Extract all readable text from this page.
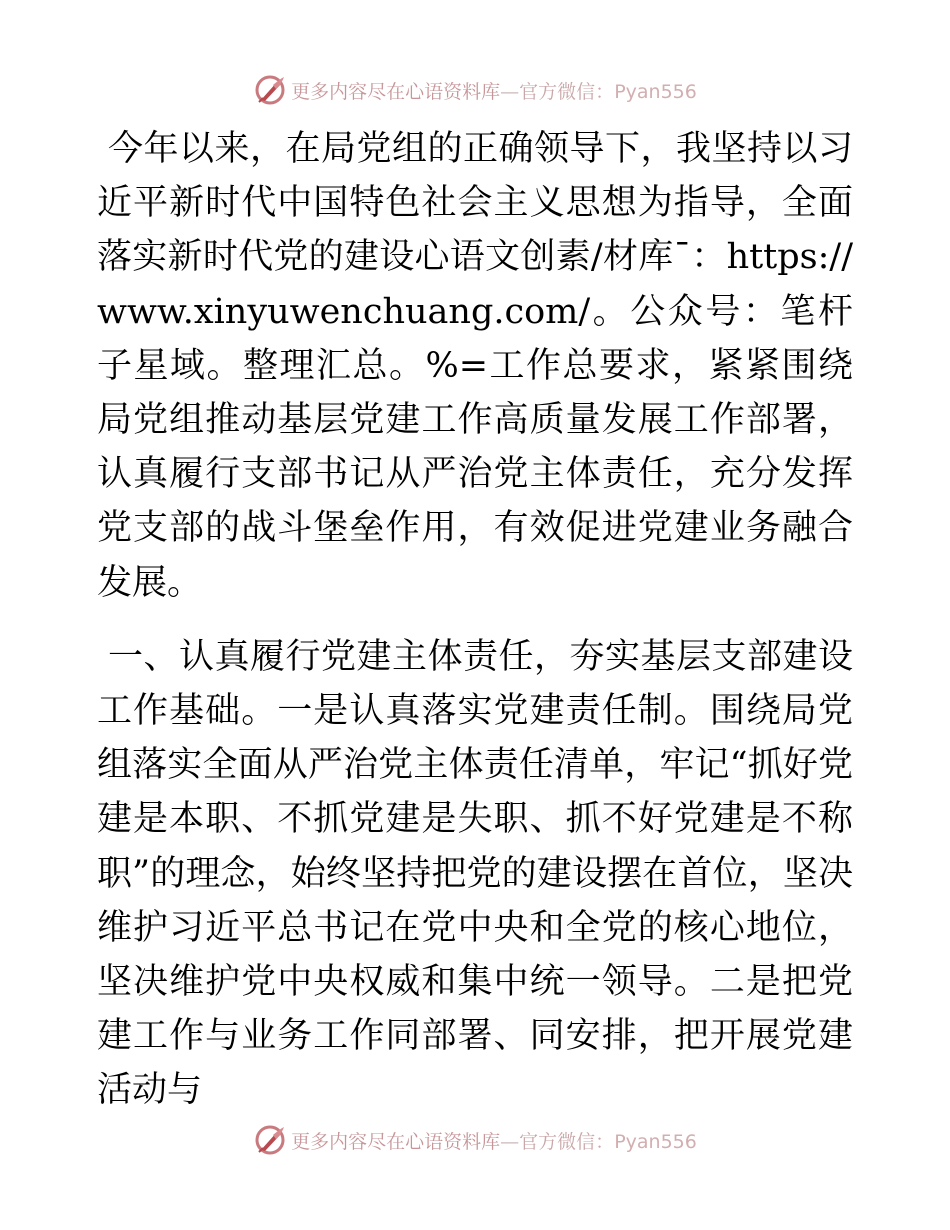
更多内容尽在心语资料库—官方微信：Pyan556

今年以来，在局党组的正确领导下，我坚持以习近平新时代中国特色社会主义思想为指导，全面落实新时代党的建设心语文创素/材库¯：https://www.xinyuwenchuang.com/。公众号：笔杆子星域。整理汇总。%=工作总要求，紧紧围绕局党组推动基层党建工作高质量发展工作部署，认真履行支部书记从严治党主体责任，充分发挥党支部的战斗堡垒作用，有效促进党建业务融合发展。

一、认真履行党建主体责任，夯实基层支部建设工作基础。一是认真落实党建责任制。围绕局党组落实全面从严治党主体责任清单，牢记“抓好党建是本职、不抓党建是失职、抓不好党建是不称职”的理念，始终坚持把党的建设摆在首位，坚决维护习近平总书记在党中央和全党的核心地位，坚决维护党中央权威和集中统一领导。二是把党建工作与业务工作同部署、同安排，把开展党建活动与

更多内容尽在心语资料库—官方微信：Pyan556
